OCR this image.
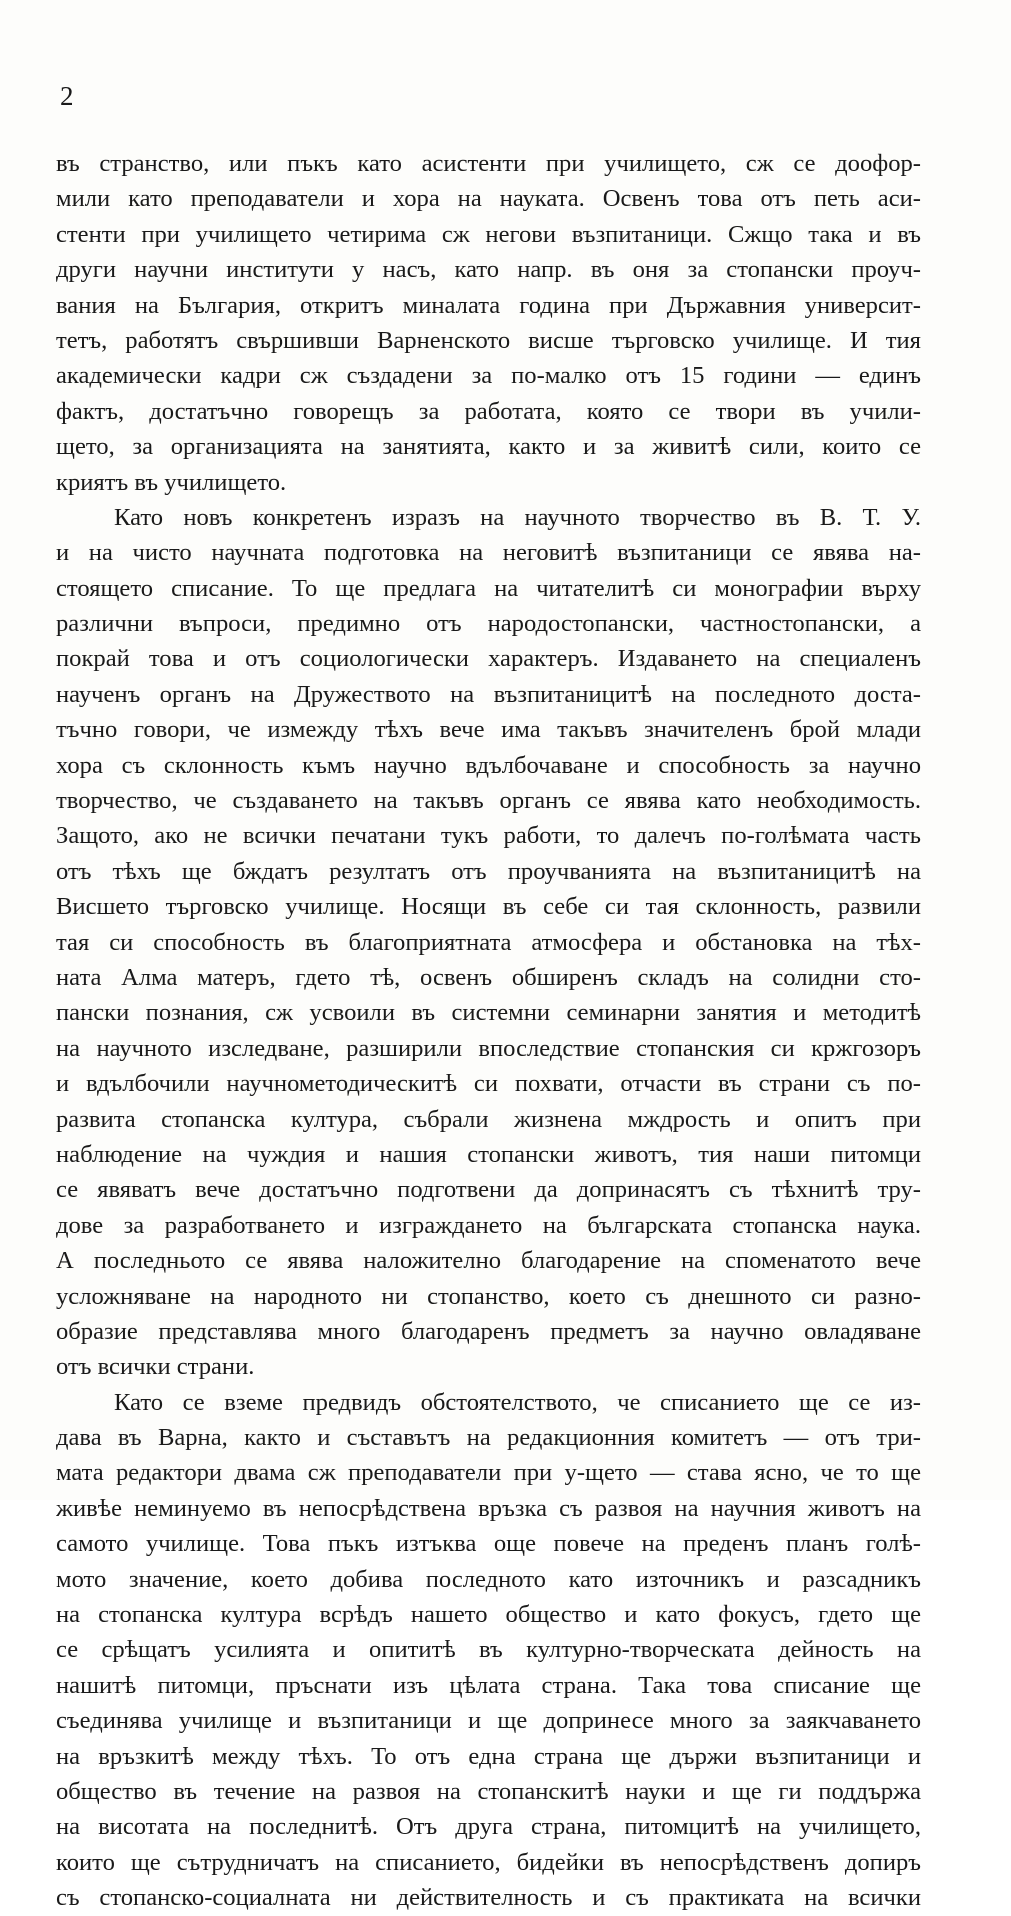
2
въ странство, или пъкъ като асистенти при училището, сж се доофор-
мили като преподаватели и хора на науката. Освенъ това отъ петь аси-
стенти при училището четирима сж негови възпитаници. Сжщо така и въ
други научни институти у насъ, като напр. въ оня за стопански проуч-
вания на България, откритъ миналата година при Държавния университ-
тетъ, работятъ свършивши Варненското висше търговско училище. И тия
академически кадри сж създадени за по-малко отъ 15 години — единъ
фактъ, достатъчно говорещъ за работата, която се твори въ учили-
щето, за организацията на занятията, както и за живитѣ сили, които се
криятъ въ училището.
Като новъ конкретенъ изразъ на научното творчество въ В. Т. У.
и на чисто научната подготовка на неговитѣ възпитаници се явява на-
стоящето списание. То ще предлага на читателитѣ си монографии върху
различни въпроси, предимно отъ народостопански, частностопански, а
покрай това и отъ социологически характеръ. Издаването на специаленъ
наученъ органъ на Дружеството на възпитаницитѣ на последното доста-
тъчно говори, че измежду тѣхъ вече има такъвъ значителенъ брой млади
хора съ склонность къмъ научно вдълбочаване и способность за научно
творчество, че създаването на такъвъ органъ се явява като необходимость.
Защото, ако не всички печатани тукъ работи, то далечъ по-голѣмата часть
отъ тѣхъ ще бждатъ резултатъ отъ проучванията на възпитаницитѣ на
Висшето търговско училище. Носящи въ себе си тая склонность, развили
тая си способность въ благоприятната атмосфера и обстановка на тѣх-
ната Алма матеръ, гдето тѣ, освенъ обширенъ складъ на солидни сто-
пански познания, сж усвоили въ системни семинарни занятия и методитѣ
на научното изследване, разширили впоследствие стопанския си кржгозоръ
и вдълбочили научнометодическитѣ си похвати, отчасти въ страни съ по-
развита стопанска култура, събрали жизнена мждрость и опитъ при
наблюдение на чуждия и нашия стопански животъ, тия наши питомци
се явяватъ вече достатъчно подготвени да допринасятъ съ тѣхнитѣ тру-
дове за разработването и изграждането на българската стопанска наука.
А последньото се явява наложително благодарение на споменатото вече
усложняване на народното ни стопанство, което съ днешното си разно-
образие представлява много благодаренъ предметъ за научно овладяване
отъ всички страни.
Като се вземе предвидъ обстоятелството, че списанието ще се из-
дава въ Варна, както и съставътъ на редакционния комитетъ — отъ три-
мата редактори двама сж преподаватели при у-щето — става ясно, че то ще
живѣе неминуемо въ непосрѣдствена връзка съ развоя на научния животъ на
самото училище. Това пъкъ изтъква още повече на преденъ планъ голѣ-
мото значение, което добива последното като източникъ и разсадникъ
на стопанска култура всрѣдъ нашето общество и като фокусъ, гдето ще
се срѣщатъ усилията и опититѣ въ културно-творческата дейность на
нашитѣ питомци, пръснати изъ цѣлата страна. Така това списание ще
съединява училище и възпитаници и ще допринесе много за заякчаването
на връзкитѣ между тѣхъ. То отъ една страна ще държи възпитаници и
общество въ течение на развоя на стопанскитѣ науки и ще ги поддържа
на висотата на последнитѣ. Отъ друга страна, питомцитѣ на училището,
които ще сътрудничатъ на списанието, бидейки въ непосрѣдственъ допиръ
съ стопанско-социалната ни действителность и съ практиката на всички
